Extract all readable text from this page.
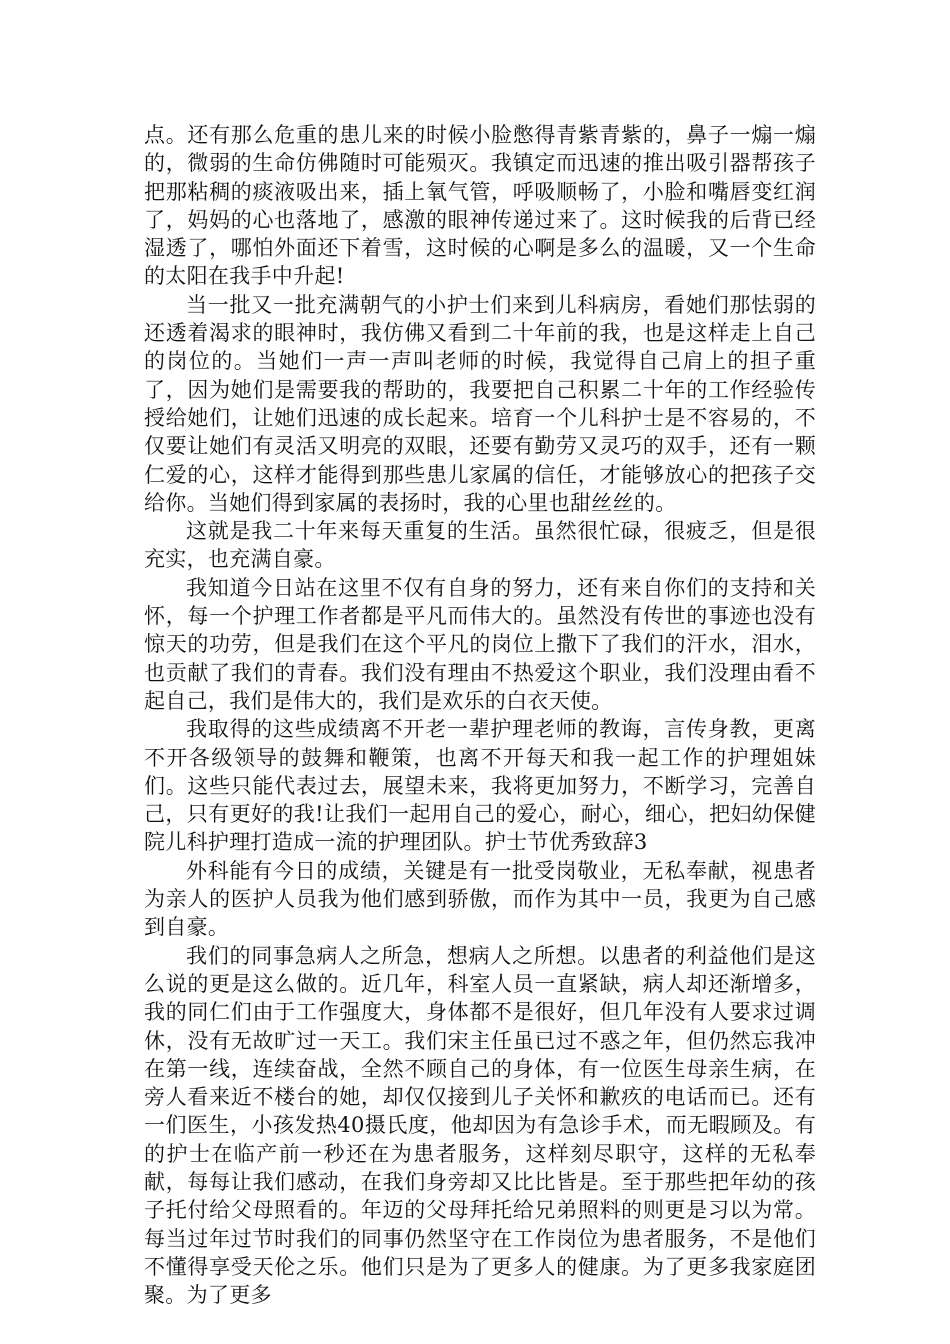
点。还有那么危重的患儿来的时候小脸憋得青紫青紫的，鼻子一煽一煽的，微弱的生命仿佛随时可能殒灭。我镇定而迅速的推出吸引器帮孩子把那粘稠的痰液吸出来，插上氧气管，呼吸顺畅了，小脸和嘴唇变红润了，妈妈的心也落地了，感激的眼神传递过来了。这时候我的后背已经湿透了，哪怕外面还下着雪，这时候的心啊是多么的温暖，又一个生命的太阳在我手中升起!

当一批又一批充满朝气的小护士们来到儿科病房，看她们那怯弱的还透着渴求的眼神时，我仿佛又看到二十年前的我，也是这样走上自己的岗位的。当她们一声一声叫老师的时候，我觉得自己肩上的担子重了，因为她们是需要我的帮助的，我要把自己积累二十年的工作经验传授给她们，让她们迅速的成长起来。培育一个儿科护士是不容易的，不仅要让她们有灵活又明亮的双眼，还要有勤劳又灵巧的双手，还有一颗仁爱的心，这样才能得到那些患儿家属的信任，才能够放心的把孩子交给你。当她们得到家属的表扬时，我的心里也甜丝丝的。

这就是我二十年来每天重复的生活。虽然很忙碌，很疲乏，但是很充实，也充满自豪。

我知道今日站在这里不仅有自身的努力，还有来自你们的支持和关怀，每一个护理工作者都是平凡而伟大的。虽然没有传世的事迹也没有惊天的功劳，但是我们在这个平凡的岗位上撒下了我们的汗水，泪水，也贡献了我们的青春。我们没有理由不热爱这个职业，我们没理由看不起自己，我们是伟大的，我们是欢乐的白衣天使。

我取得的这些成绩离不开老一辈护理老师的教诲，言传身教，更离不开各级领导的鼓舞和鞭策，也离不开每天和我一起工作的护理姐妹们。这些只能代表过去，展望未来，我将更加努力，不断学习，完善自己，只有更好的我!让我们一起用自己的爱心，耐心，细心，把妇幼保健院儿科护理打造成一流的护理团队。护士节优秀致辞3

外科能有今日的成绩，关键是有一批受岗敬业，无私奉献，视患者为亲人的医护人员我为他们感到骄傲，而作为其中一员，我更为自己感到自豪。

我们的同事急病人之所急，想病人之所想。以患者的利益他们是这么说的更是这么做的。近几年，科室人员一直紧缺，病人却还渐增多，我的同仁们由于工作强度大，身体都不是很好，但几年没有人要求过调休，没有无故旷过一天工。我们宋主任虽已过不惑之年，但仍然忘我冲在第一线，连续奋战，全然不顾自己的身体，有一位医生母亲生病，在旁人看来近不楼台的她，却仅仅接到儿子关怀和歉疚的电话而已。还有一们医生，小孩发热40摄氏度，他却因为有急诊手术，而无暇顾及。有的护士在临产前一秒还在为患者服务，这样刻尽职守，这样的无私奉献，每每让我们感动，在我们身旁却又比比皆是。至于那些把年幼的孩子托付给父母照看的。年迈的父母拜托给兄弟照料的则更是习以为常。每当过年过节时我们的同事仍然坚守在工作岗位为患者服务，不是他们不懂得享受天伦之乐。他们只是为了更多人的健康。为了更多我家庭团聚。为了更多
